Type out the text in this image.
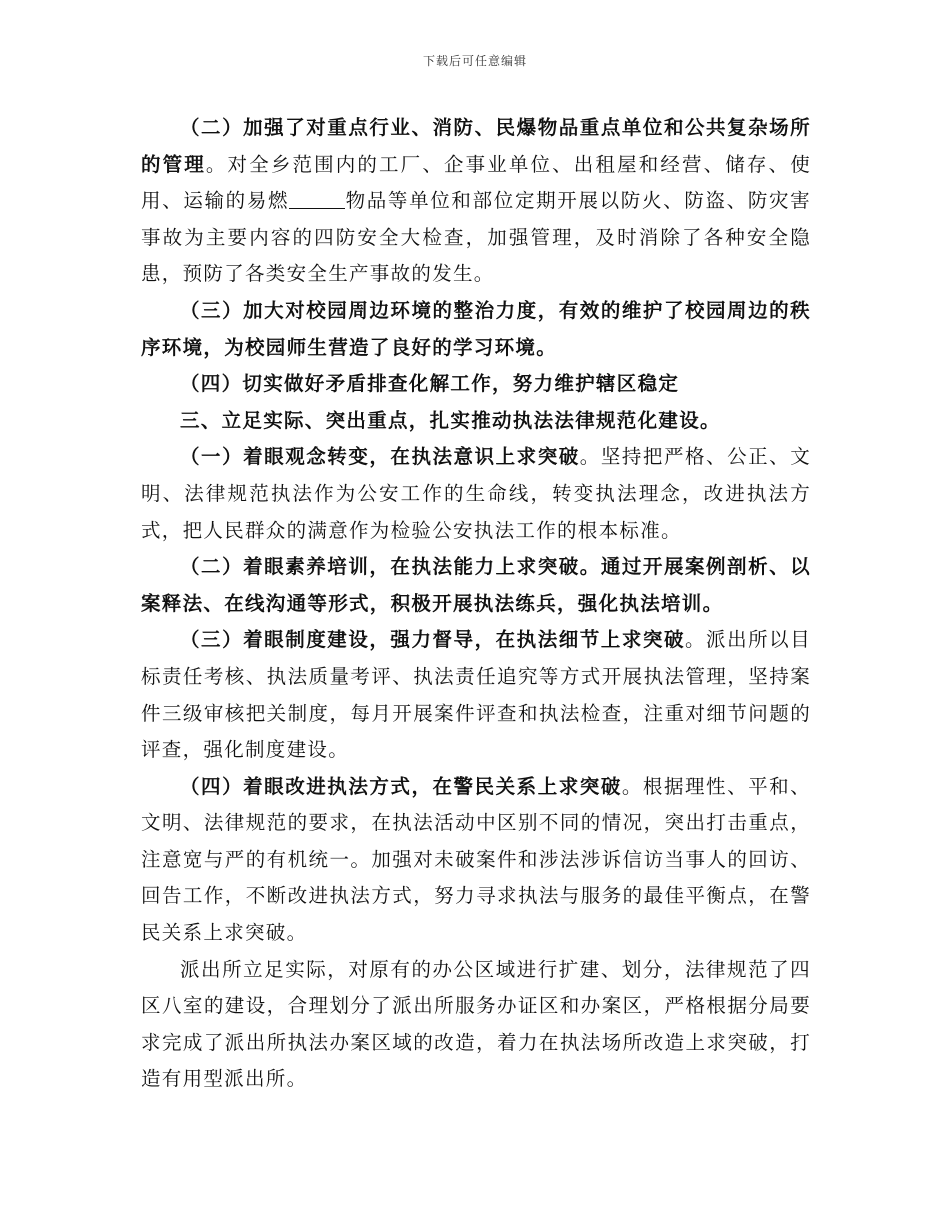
下载后可任意编辑

（二）加强了对重点行业、消防、民爆物品重点单位和公共复杂场所的管理。对全乡范围内的工厂、企事业单位、出租屋和经营、储存、使用、运输的易燃	物品等单位和部位定期开展以防火、防盗、防灾害事故为主要内容的四防安全大检查，加强管理，及时消除了各种安全隐患，预防了各类安全生产事故的发生。

（三）加大对校园周边环境的整治力度，有效的维护了校园周边的秩序环境，为校园师生营造了良好的学习环境。

（四）切实做好矛盾排查化解工作，努力维护辖区稳定

三、立足实际、突出重点，扎实推动执法法律规范化建设。

（一）着眼观念转变，在执法意识上求突破。坚持把严格、公正、文明、法律规范执法作为公安工作的生命线，转变执法理念，改进执法方式，把人民群众的满意作为检验公安执法工作的根本标准。

（二）着眼素养培训，在执法能力上求突破。通过开展案例剖析、以案释法、在线沟通等形式，积极开展执法练兵，强化执法培训。

（三）着眼制度建设，强力督导，在执法细节上求突破。派出所以目标责任考核、执法质量考评、执法责任追究等方式开展执法管理，坚持案件三级审核把关制度，每月开展案件评查和执法检查，注重对细节问题的评查，强化制度建设。

（四）着眼改进执法方式，在警民关系上求突破。根据理性、平和、文明、法律规范的要求，在执法活动中区别不同的情况，突出打击重点，注意宽与严的有机统一。加强对未破案件和涉法涉诉信访当事人的回访、回告工作，不断改进执法方式，努力寻求执法与服务的最佳平衡点，在警民关系上求突破。

派出所立足实际，对原有的办公区域进行扩建、划分，法律规范了四区八室的建设，合理划分了派出所服务办证区和办案区，严格根据分局要求完成了派出所执法办案区域的改造，着力在执法场所改造上求突破，打造有用型派出所。
